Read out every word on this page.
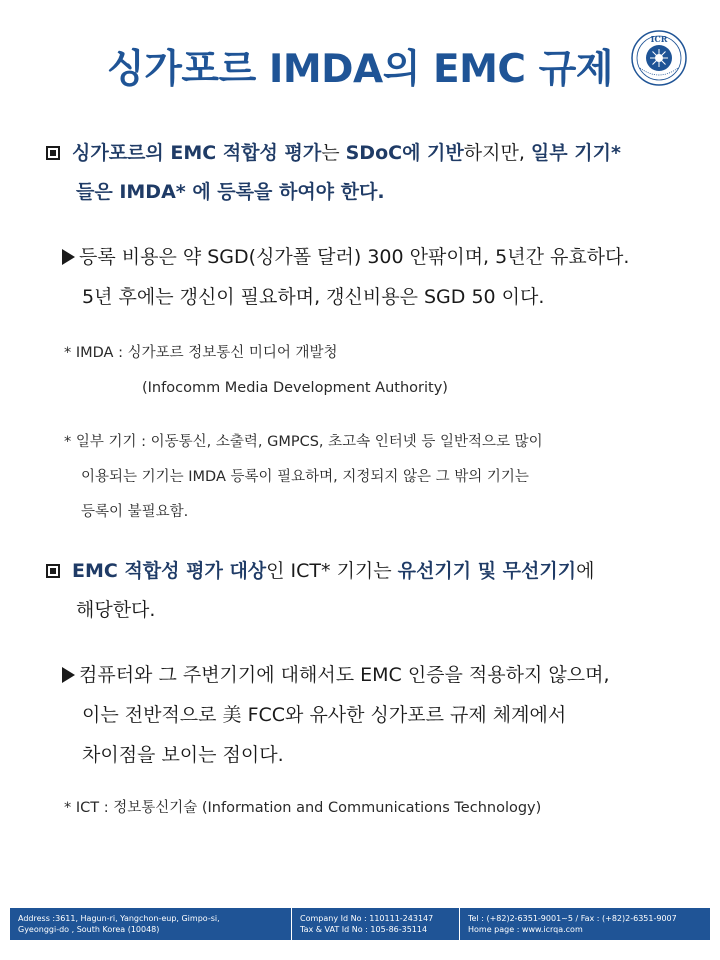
싱가포르 IMDA의 EMC 규제
ICR
싱가포르의 EMC 적합성 평가는 SDoC에 기반하지만, 일부 기기*
들은 IMDA* 에 등록을 하여야 한다.
등록 비용은 약 SGD(싱가폴 달러) 300 안팎이며, 5년간 유효하다.
5년 후에는 갱신이 필요하며, 갱신비용은 SGD 50 이다.
* IMDA : 싱가포르 정보통신 미디어 개발청
(Infocomm Media Development Authority)
* 일부 기기 : 이동통신, 소출력, GMPCS, 초고속 인터넷 등 일반적으로 많이
이용되는 기기는 IMDA 등록이 필요하며, 지정되지 않은 그 밖의 기기는
등록이 불필요함.
EMC 적합성 평가 대상인 ICT* 기기는 유선기기 및 무선기기에
해당한다.
컴퓨터와 그 주변기기에 대해서도 EMC 인증을 적용하지 않으며,
이는 전반적으로 美 FCC와 유사한 싱가포르 규제 체계에서
차이점을 보이는 점이다.
* ICT : 정보통신기술 (Information and Communications Technology)
Address :3611, Hagun-ri, Yangchon-eup, Gimpo-si,
Gyeonggi-do , South Korea (10048)
Company Id No : 110111-243147
Tax & VAT Id No : 105-86-35114
Tel : (+82)2-6351-9001~5 / Fax : (+82)2-6351-9007
Home page : www.icrqa.com
